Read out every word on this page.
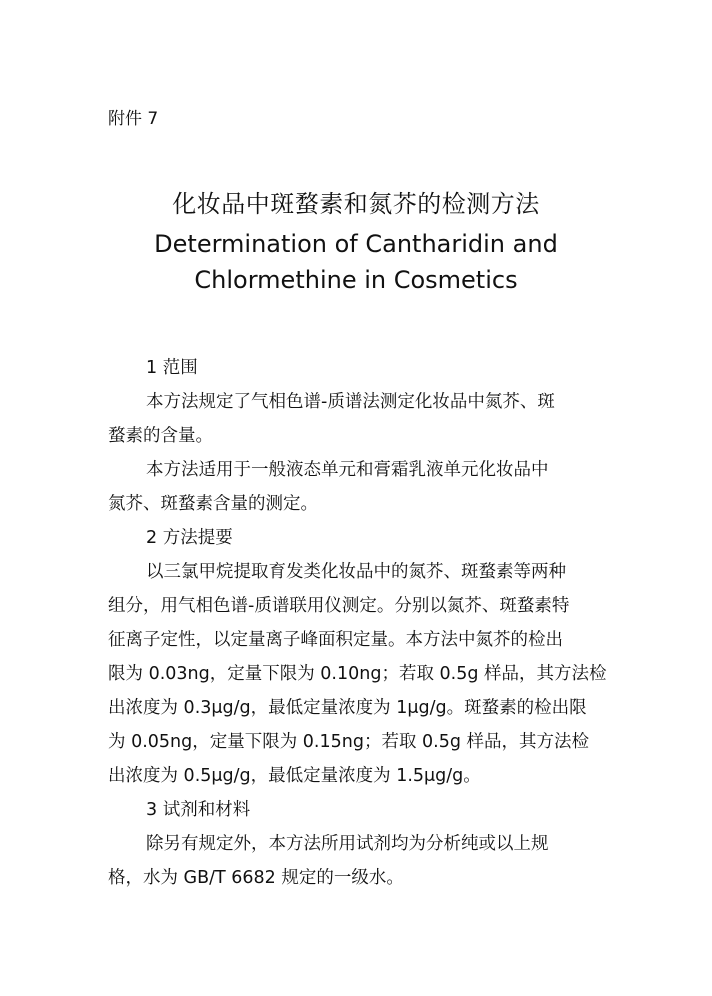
附件 7
化妆品中斑蝥素和氮芥的检测方法
Determination of Cantharidin and
Chlormethine in Cosmetics
1 范围
本方法规定了气相色谱-质谱法测定化妆品中氮芥、斑
蝥素的含量。
本方法适用于一般液态单元和膏霜乳液单元化妆品中
氮芥、斑蝥素含量的测定。
2 方法提要
以三氯甲烷提取育发类化妆品中的氮芥、斑蝥素等两种
组分，用气相色谱-质谱联用仪测定。分别以氮芥、斑蝥素特
征离子定性，以定量离子峰面积定量。本方法中氮芥的检出
限为 0.03ng，定量下限为 0.10ng；若取 0.5g 样品，其方法检
出浓度为 0.3μg/g，最低定量浓度为 1μg/g。斑蝥素的检出限
为 0.05ng，定量下限为 0.15ng；若取 0.5g 样品，其方法检
出浓度为 0.5μg/g，最低定量浓度为 1.5μg/g。
3 试剂和材料
除另有规定外，本方法所用试剂均为分析纯或以上规
格，水为 GB/T 6682 规定的一级水。
